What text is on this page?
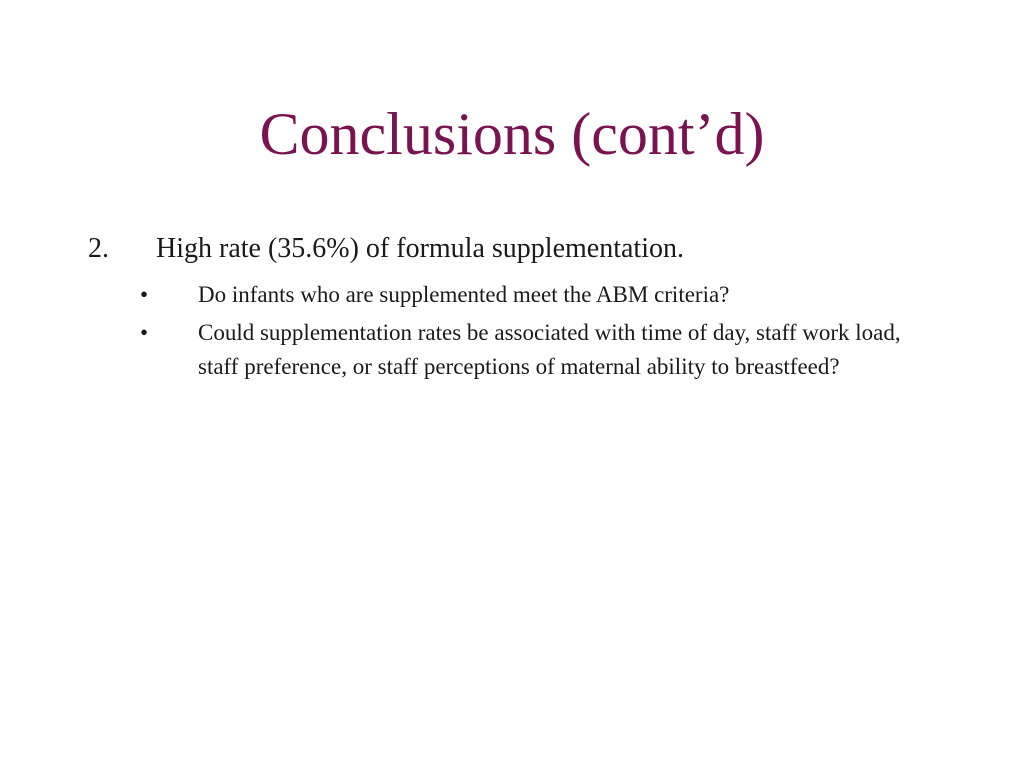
Conclusions (cont’d)
2. High rate (35.6%) of formula supplementation.
• Do infants who are supplemented meet the ABM criteria?
• Could supplementation rates be associated with time of day, staff work load, staff preference, or staff perceptions of maternal ability to breastfeed?
